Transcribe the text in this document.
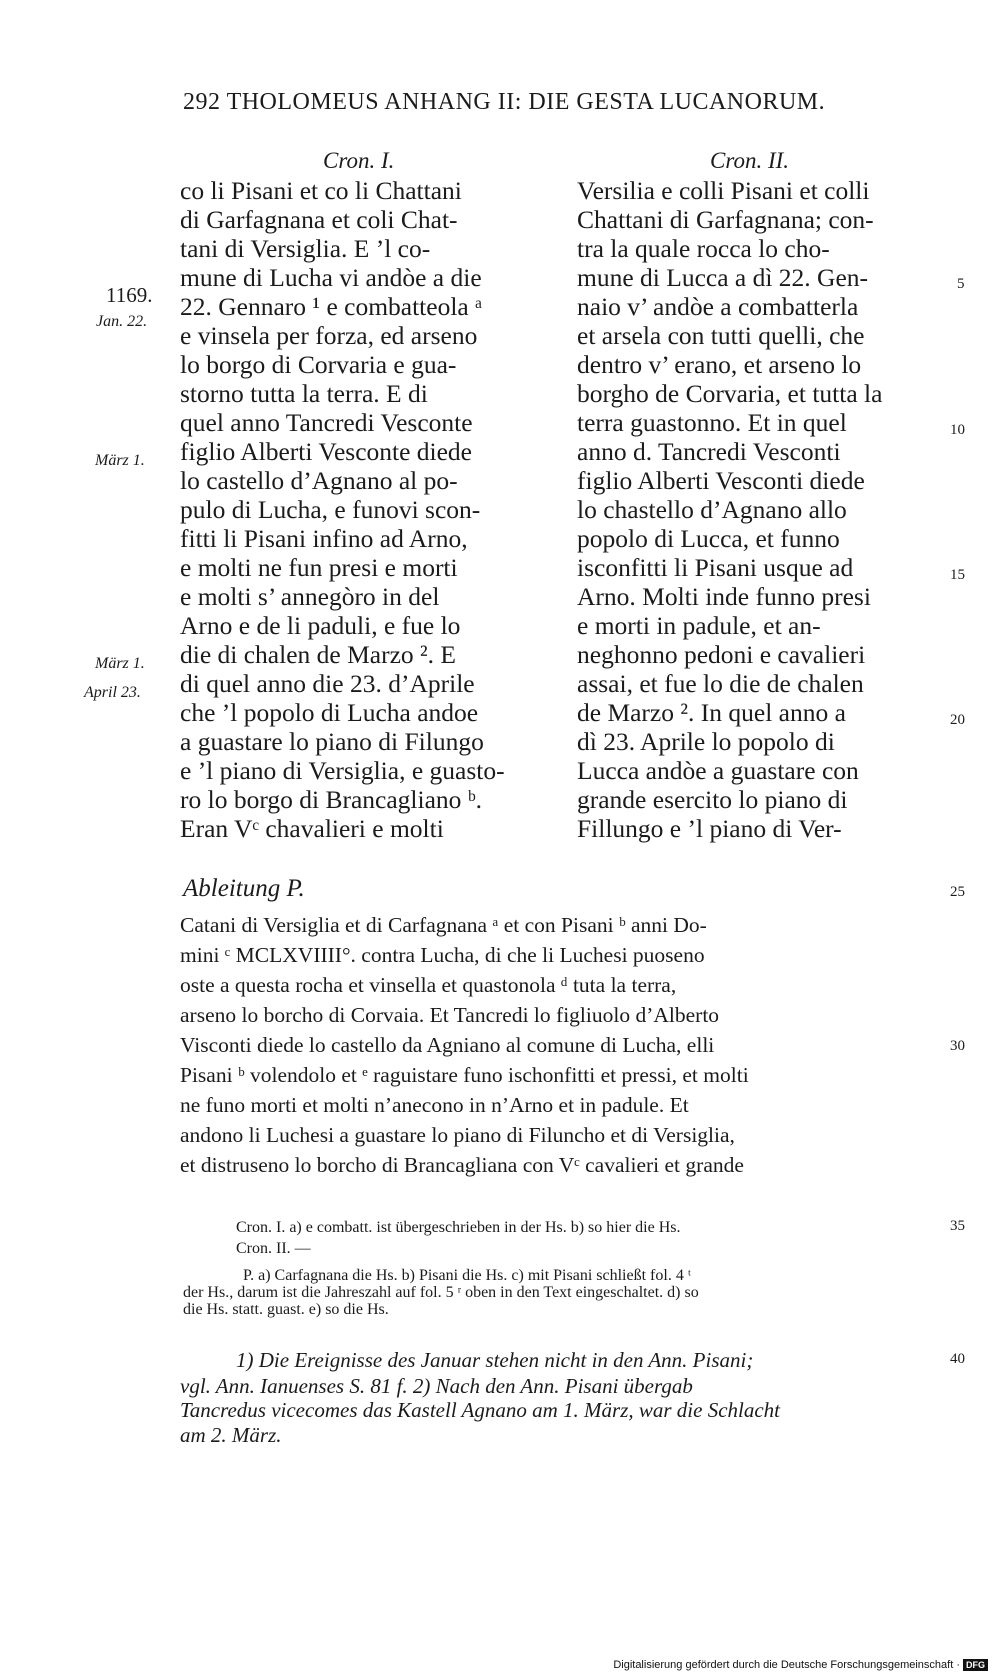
292 THOLOMEUS ANHANG II: DIE GESTA LUCANORUM.
Cron. I.	Cron. II.
co li Pisani et co li Chattani
di Garfagnana et coli Chat-
tani di Versiglia. E ’l co-
mune di Lucha vi andòe a die
22. Gennaro ¹ e combatteola ᵃ
e vinsela per forza, ed arseno
lo borgo di Corvaria e gua-
storno tutta la terra. E di
quel anno Tancredi Vesconte
figlio Alberti Vesconte diede
lo castello d’Agnano al po-
pulo di Lucha, e funovi scon-
fitti li Pisani infino ad Arno,
e molti ne fun presi e morti
e molti s’ annegòro in del
Arno e de li paduli, e fue lo
die di chalen de Marzo ². E
di quel anno die 23. d’Aprile
che ’l popolo di Lucha andoe
a guastare lo piano di Filungo
e ’l piano di Versiglia, e guasto-
ro lo borgo di Brancagliano ᵇ.
Eran Vᶜ chavalieri e molti
Versilia e colli Pisani et colli
Chattani di Garfagnana; con-
tra la quale rocca lo cho-
mune di Lucca a dì 22. Gen-
naio v’ andòe a combatterla
et arsela con tutti quelli, che
dentro v’ erano, et arseno lo
borgho de Corvaria, et tutta la
terra guastonno. Et in quel
anno d. Tancredi Vesconti
figlio Alberti Vesconti diede
lo chastello d’Agnano allo
popolo di Lucca, et funno
isconfitti li Pisani usque ad
Arno. Molti inde funno presi
e morti in padule, et an-
neghonno pedoni e cavalieri
assai, et fue lo die de chalen
de Marzo ². In quel anno a
dì 23. Aprile lo popolo di
Lucca andòe a guastare con
grande esercito lo piano di
Fillungo e ’l piano di Ver-
1169.
Jan. 22.
März 1.
März 1.
April 23.
5
10
15
20
25
30
35
40
Ableitung P.
Catani di Versiglia et di Carfagnana ᵃ et con Pisani ᵇ anni Do-
mini ᶜ MCLXVIIII°. contra Lucha, di che li Luchesi puoseno
oste a questa rocha et vinsella et quastonola ᵈ tuta la terra,
arseno lo borcho di Corvaia. Et Tancredi lo figliuolo d’Alberto
Visconti diede lo castello da Agniano al comune di Lucha, elli
Pisani ᵇ volendolo et ᵉ raguistare funo ischonfitti et pressi, et molti
ne funo morti et molti n’anecono in n’Arno et in padule. Et
andono li Luchesi a guastare lo piano di Filuncho et di Versiglia,
et distruseno lo borcho di Brancagliana con Vᶜ cavalieri et grande
Cron. I. a) e combatt. ist übergeschrieben in der Hs. b) so hier die Hs.
Cron. II. —
P. a) Carfagnana die Hs. b) Pisani die Hs. c) mit Pisani schließt fol. 4 ᵗ
der Hs., darum ist die Jahreszahl auf fol. 5 ʳ oben in den Text eingeschaltet. d) so
die Hs. statt. guast. e) so die Hs.
1) Die Ereignisse des Januar stehen nicht in den Ann. Pisani;
vgl. Ann. Ianuenses S. 81 f. 2) Nach den Ann. Pisani übergab
Tancredus vicecomes das Kastell Agnano am 1. März, war die Schlacht
am 2. März.
Digitalisierung gefördert durch die Deutsche Forschungsgemeinschaft · DFG
